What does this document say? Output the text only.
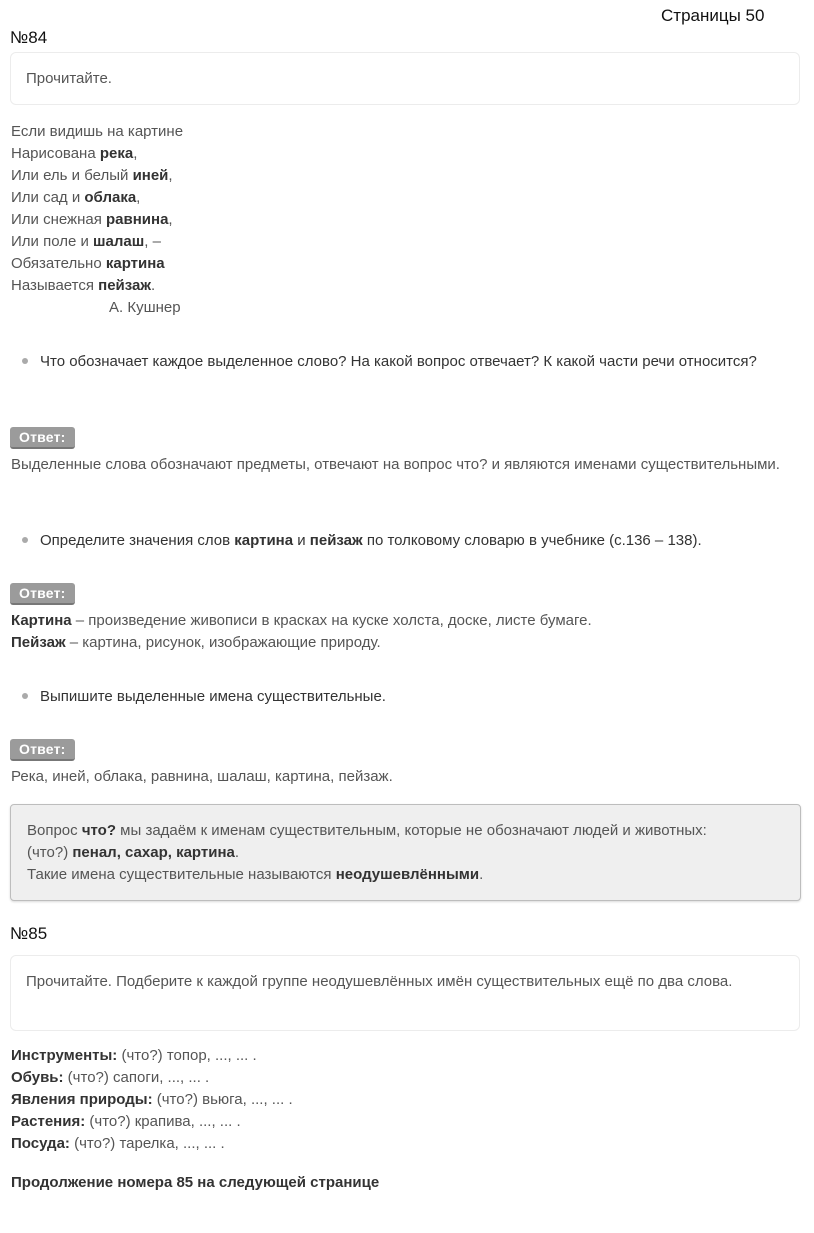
Страницы 50
№84
Прочитайте.
Если видишь на картине
Нарисована река,
Или ель и белый иней,
Или сад и облака,
Или снежная равнина,
Или поле и шалаш, –
Обязательно картина
Называется пейзаж.
А. Кушнер
Что обозначает каждое выделенное слово? На какой вопрос отвечает? К какой части речи относится?
Ответ:
Выделенные слова обозначают предметы, отвечают на вопрос что? и являются именами существительными.
Определите значения слов картина и пейзаж по толковому словарю в учебнике (с.136 – 138).
Ответ:
Картина – произведение живописи в красках на куске холста, доске, листе бумаге.
Пейзаж – картина, рисунок, изображающие природу.
Выпишите выделенные имена существительные.
Ответ:
Река, иней, облака, равнина, шалаш, картина, пейзаж.
Вопрос что? мы задаём к именам существительным, которые не обозначают людей и животных:
(что?) пенал, сахар, картина.
Такие имена существительные называются неодушевлёнными.
№85
Прочитайте. Подберите к каждой группе неодушевлённых имён существительных ещё по два слова.
Инструменты: (что?) топор, ..., ... .
Обувь: (что?) сапоги, ..., ... .
Явления природы: (что?) вьюга, ..., ... .
Растения: (что?) крапива, ..., ... .
Посуда: (что?) тарелка, ..., ... .
Продолжение номера 85 на следующей странице
